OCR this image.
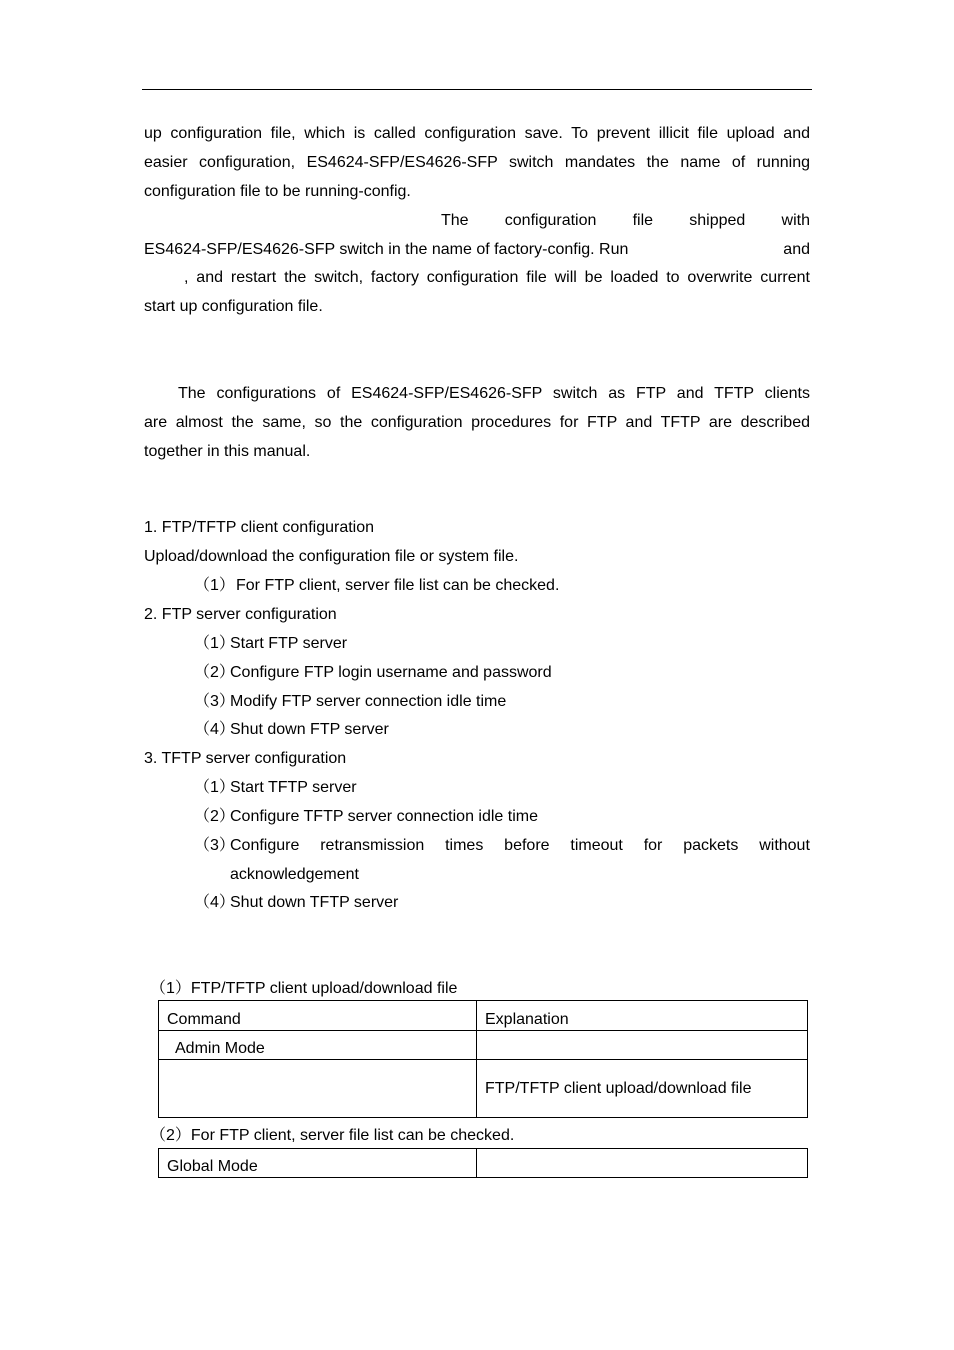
up configuration file, which is called configuration save. To prevent illicit file upload and
easier configuration, ES4624-SFP/ES4626-SFP switch mandates the name of running
configuration file to be running-config.
The configuration file shipped with
ES4624-SFP/ES4626-SFP switch in the name of factory-config. Run	and
, and restart the switch, factory configuration file will be loaded to overwrite current
start up configuration file.
The configurations of ES4624-SFP/ES4626-SFP switch as FTP and TFTP clients
are almost the same, so the configuration procedures for FTP and TFTP are described
together in this manual.
1. FTP/TFTP client configuration
Upload/download the configuration file or system file.
（1）For FTP client, server file list can be checked.
2. FTP server configuration
（1）Start FTP server
（2）Configure FTP login username and password
（3）Modify FTP server connection idle time
（4）Shut down FTP server
3. TFTP server configuration
（1）Start TFTP server
（2）Configure TFTP server connection idle time
（3）
Configure retransmission times before timeout for packets without
acknowledgement
（4）Shut down TFTP server
（1）FTP/TFTP client upload/download file
Command	Explanation
Admin Mode	
	FTP/TFTP client upload/download file
（2）For FTP client, server file list can be checked.
Global Mode	
